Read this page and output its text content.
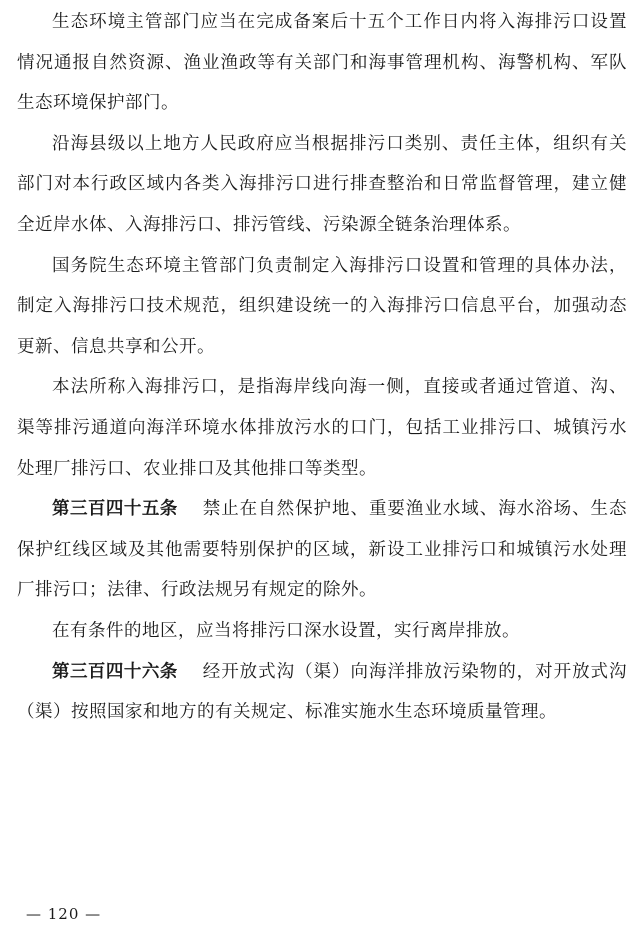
生态环境主管部门应当在完成备案后十五个工作日内将入海排污口设置情况通报自然资源、渔业渔政等有关部门和海事管理机构、海警机构、军队生态环境保护部门。

沿海县级以上地方人民政府应当根据排污口类别、责任主体，组织有关部门对本行政区域内各类入海排污口进行排查整治和日常监督管理，建立健全近岸水体、入海排污口、排污管线、污染源全链条治理体系。

国务院生态环境主管部门负责制定入海排污口设置和管理的具体办法，制定入海排污口技术规范，组织建设统一的入海排污口信息平台，加强动态更新、信息共享和公开。

本法所称入海排污口，是指海岸线向海一侧，直接或者通过管道、沟、渠等排污通道向海洋环境水体排放污水的口门，包括工业排污口、城镇污水处理厂排污口、农业排口及其他排口等类型。

第三百四十五条 禁止在自然保护地、重要渔业水域、海水浴场、生态保护红线区域及其他需要特别保护的区域，新设工业排污口和城镇污水处理厂排污口；法律、行政法规另有规定的除外。

在有条件的地区，应当将排污口深水设置，实行离岸排放。

第三百四十六条 经开放式沟（渠）向海洋排放污染物的，对开放式沟（渠）按照国家和地方的有关规定、标准实施水生态环境质量管理。

— 120 —
